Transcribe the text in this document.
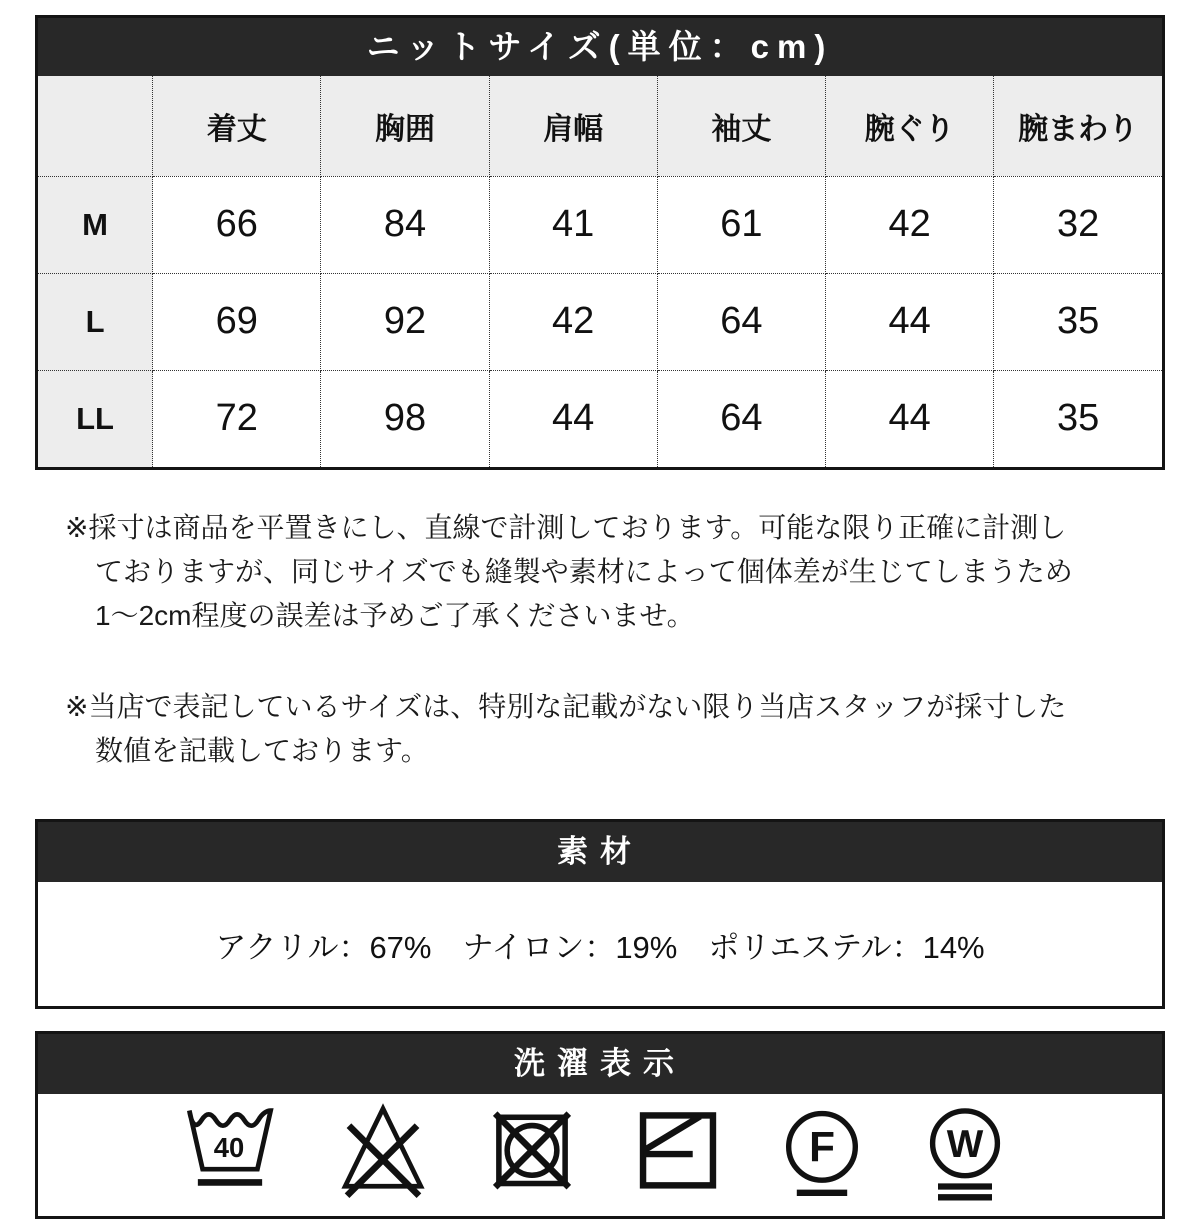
ニットサイズ(単位：cm)
	着丈	胸囲	肩幅	袖丈	腕ぐり	腕まわり
M	66	84	41	61	42	32
L	69	92	42	64	44	35
LL	72	98	44	64	44	35
※採寸は商品を平置きにし、直線で計測しております。可能な限り正確に計測し
ておりますが、同じサイズでも縫製や素材によって個体差が生じてしまうため
1〜2cm程度の誤差は予めご了承くださいませ。
※当店で表記しているサイズは、特別な記載がない限り当店スタッフが採寸した
数値を記載しております。
素材
アクリル：67%　ナイロン：19%　ポリエステル：14%
洗濯表示
40	F	W
